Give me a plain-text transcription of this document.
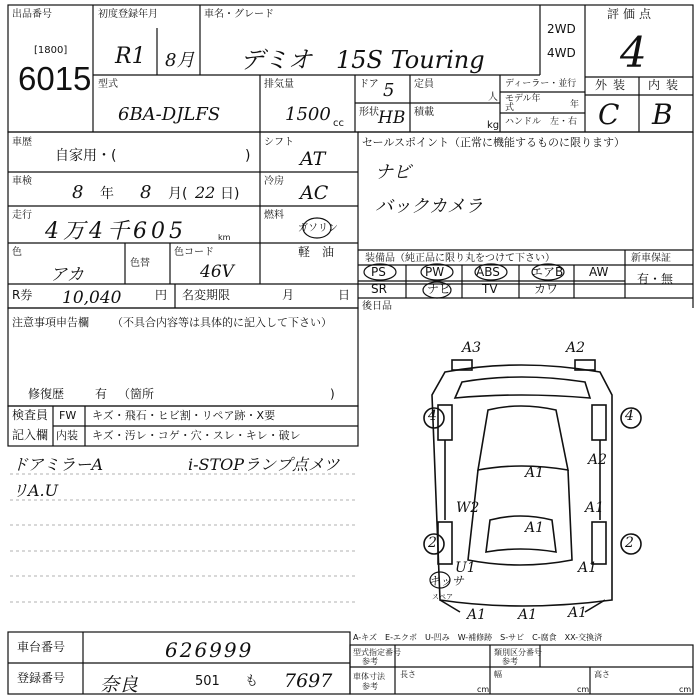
出品番号
[1800]
6015
初度登録年月
R1 8月
車名・グレード
デミオ　15S Touring
2WD
4WD
評価点
4
外装 内装
C B
型式
6BA-DJLFS
排気量
1500 cc
ドア 5 定員
人
形状 HB 積載
kg
ディーラー・並行
モデル年式	年
ハンドル 左・右
車歴
自家用・(	)
シフト
AT
セールスポイント（正常に機能するものに限ります）
ナビ
バックカメラ
車検
8 年 8 月( 22 日)
冷房
AC
走行
4万4千605	km
燃料
ガソリン
軽　油
色
アカ
色替
色コード
46V
装備品（純正品に限り丸をつけて下さい）	新車保証
有・無
PS	PW	ABS	エアB AW
SR	ナビ	TV	カワ
R券 10,040	円 名変期限	月	日
後日品
注意事項申告欄 （不具合内容等は具体的に記入して下さい）
修復歴	有 （箇所	)
検査員
記入欄
FW キズ・飛石・ヒビ割・リペア跡・X要
内装 キズ・汚レ・コゲ・穴・スレ・キレ・破レ
ドアミラーA	i-STOPランプ点メツ
リA.U
A3	A2
4	4
A1
A2
A1
W2
A1
2	2
U1	A1
A1 A1 A1
キッサ
スペア
A-キズ　E-エクボ　U-凹み　W-補修跡　S-サビ　C-腐食　XX-交換済
車台番号	626999
登録番号 奈良	501 も 7697
型式指定番号
参考
類別区分番号
参考
車体寸法
参考
長さ
cm
幅
cm
高さ
cm
